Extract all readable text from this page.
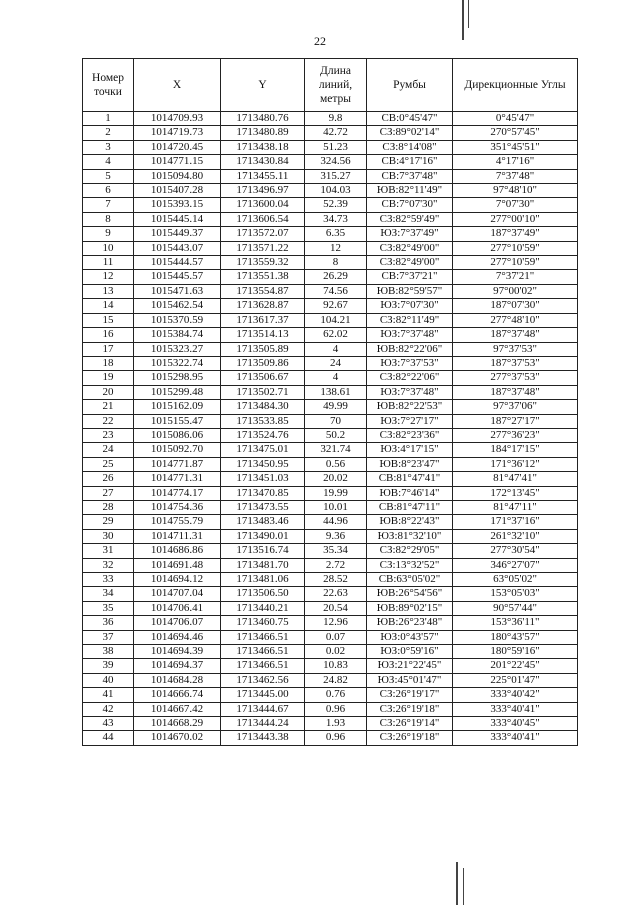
22
Номер точки	X	Y	Длина линий, метры	Румбы	Дирекционные Углы
1	1014709.93	1713480.76	9.8	СВ:0°45'47"	0°45'47"
2	1014719.73	1713480.89	42.72	СЗ:89°02'14"	270°57'45"
3	1014720.45	1713438.18	51.23	СЗ:8°14'08"	351°45'51"
4	1014771.15	1713430.84	324.56	СВ:4°17'16"	4°17'16"
5	1015094.80	1713455.11	315.27	СВ:7°37'48"	7°37'48"
6	1015407.28	1713496.97	104.03	ЮВ:82°11'49"	97°48'10"
7	1015393.15	1713600.04	52.39	СВ:7°07'30"	7°07'30"
8	1015445.14	1713606.54	34.73	СЗ:82°59'49"	277°00'10"
9	1015449.37	1713572.07	6.35	ЮЗ:7°37'49"	187°37'49"
10	1015443.07	1713571.22	12	СЗ:82°49'00"	277°10'59"
11	1015444.57	1713559.32	8	СЗ:82°49'00"	277°10'59"
12	1015445.57	1713551.38	26.29	СВ:7°37'21"	7°37'21"
13	1015471.63	1713554.87	74.56	ЮВ:82°59'57"	97°00'02"
14	1015462.54	1713628.87	92.67	ЮЗ:7°07'30"	187°07'30"
15	1015370.59	1713617.37	104.21	СЗ:82°11'49"	277°48'10"
16	1015384.74	1713514.13	62.02	ЮЗ:7°37'48"	187°37'48"
17	1015323.27	1713505.89	4	ЮВ:82°22'06"	97°37'53"
18	1015322.74	1713509.86	24	ЮЗ:7°37'53"	187°37'53"
19	1015298.95	1713506.67	4	СЗ:82°22'06"	277°37'53"
20	1015299.48	1713502.71	138.61	ЮЗ:7°37'48"	187°37'48"
21	1015162.09	1713484.30	49.99	ЮВ:82°22'53"	97°37'06"
22	1015155.47	1713533.85	70	ЮЗ:7°27'17"	187°27'17"
23	1015086.06	1713524.76	50.2	СЗ:82°23'36"	277°36'23"
24	1015092.70	1713475.01	321.74	ЮЗ:4°17'15"	184°17'15"
25	1014771.87	1713450.95	0.56	ЮВ:8°23'47"	171°36'12"
26	1014771.31	1713451.03	20.02	СВ:81°47'41"	81°47'41"
27	1014774.17	1713470.85	19.99	ЮВ:7°46'14"	172°13'45"
28	1014754.36	1713473.55	10.01	СВ:81°47'11"	81°47'11"
29	1014755.79	1713483.46	44.96	ЮВ:8°22'43"	171°37'16"
30	1014711.31	1713490.01	9.36	ЮЗ:81°32'10"	261°32'10"
31	1014686.86	1713516.74	35.34	СЗ:82°29'05"	277°30'54"
32	1014691.48	1713481.70	2.72	СЗ:13°32'52"	346°27'07"
33	1014694.12	1713481.06	28.52	СВ:63°05'02"	63°05'02"
34	1014707.04	1713506.50	22.63	ЮВ:26°54'56"	153°05'03"
35	1014706.41	1713440.21	20.54	ЮВ:89°02'15"	90°57'44"
36	1014706.07	1713460.75	12.96	ЮВ:26°23'48"	153°36'11"
37	1014694.46	1713466.51	0.07	ЮЗ:0°43'57"	180°43'57"
38	1014694.39	1713466.51	0.02	ЮЗ:0°59'16"	180°59'16"
39	1014694.37	1713466.51	10.83	ЮЗ:21°22'45"	201°22'45"
40	1014684.28	1713462.56	24.82	ЮЗ:45°01'47"	225°01'47"
41	1014666.74	1713445.00	0.76	СЗ:26°19'17"	333°40'42"
42	1014667.42	1713444.67	0.96	СЗ:26°19'18"	333°40'41"
43	1014668.29	1713444.24	1.93	СЗ:26°19'14"	333°40'45"
44	1014670.02	1713443.38	0.96	СЗ:26°19'18"	333°40'41"
